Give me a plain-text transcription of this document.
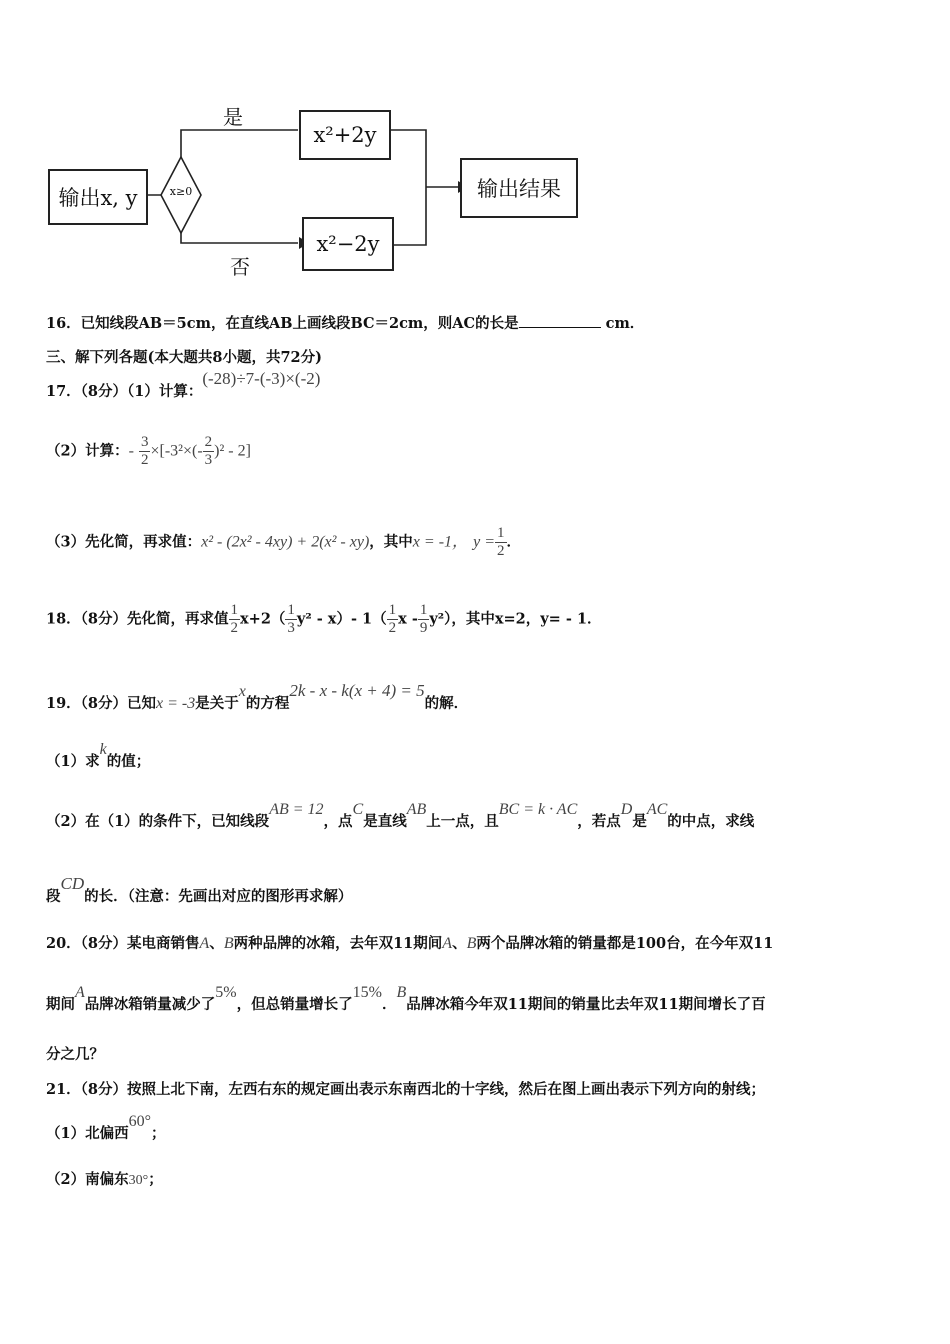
输出x, y	x≥0
是
否
x²+2y
x²−2y
输出结果
16．已知线段AB＝5cm，在直线AB上画线段BC＝2cm，则AC的长是	cm．
三、解下列各题(本大题共8小题，共72分)
17．（8分）（1）计算：(-28)÷7-(-3)×(-2)
（2）计算：- $\frac{3}{2} \times[-3^2\times(- \frac{2}{3} )^2 - 2]$
（3）先化简，再求值：x² - (2x² - 4xy) + 2(x² - xy)，其中x = -1， $y = \frac{1}{2}$ ．
18．（8分）先化简，再求值 $\frac{1}{2} x+2( \frac{1}{3} y^2 - x)-$ $1( \frac{1}{2}$ x - $\frac{1}{9} y^2$），其中x=2，y= - 1．
19．（8分）已知x = -3是关于x的方程2k - x - k(x + 4) = 5的解．
（1）求k的值；
（2）在（1）的条件下，已知线段AB = 12，点C是直线AB上一点，且BC = k · AC，若点D是AC的中点，求线
段CD的长．（注意：先画出对应的图形再求解）
20．（8分）某电商销售A、B两种品牌的冰箱，去年双11期间A、B两个品牌冰箱的销量都是100台，在今年双11
期间A品牌冰箱销量减少了5%，但总销量增长了15%．B品牌冰箱今年双11期间的销量比去年双11期间增长了百
分之几？
21．（8分）按照上北下南，左西右东的规定画出表示东南西北的十字线，然后在图上画出表示下列方向的射线；
（1）北偏西60°；
（2）南偏东30°；
